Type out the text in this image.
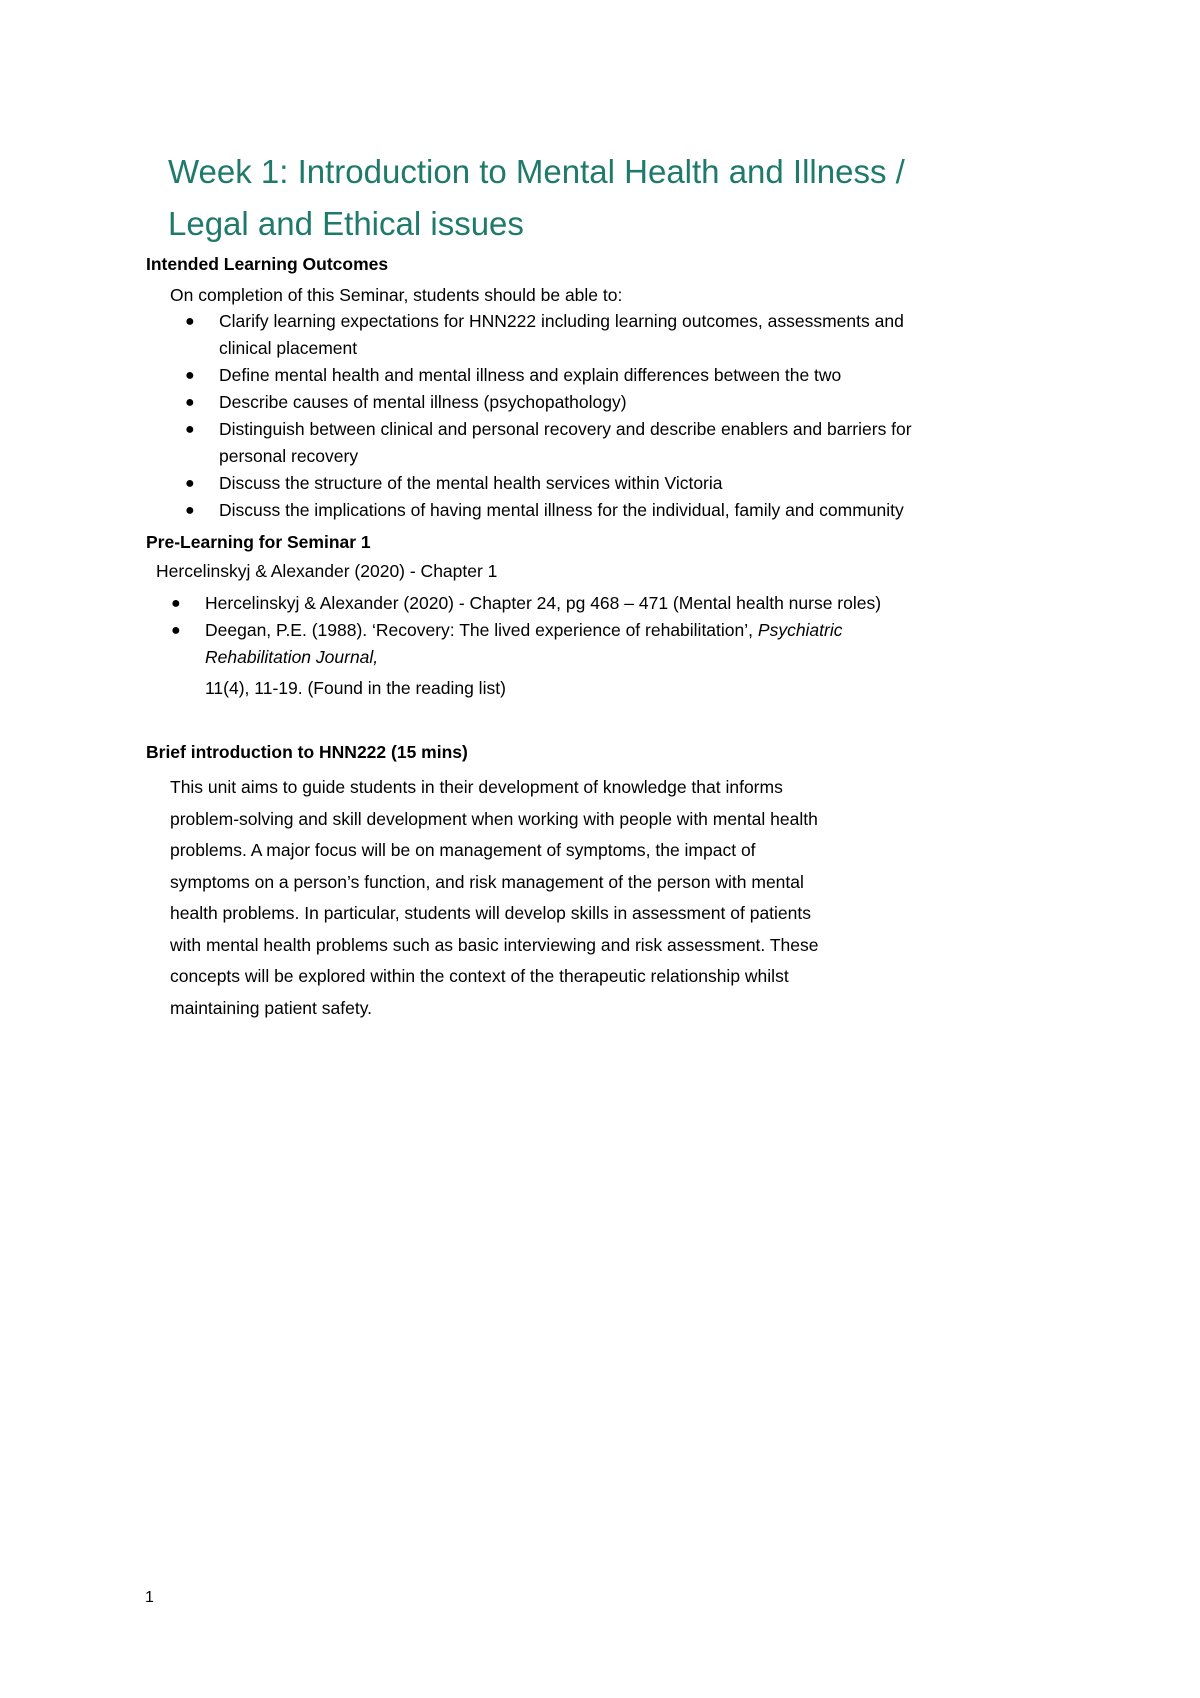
Week 1: Introduction to Mental Health and Illness /
Legal and Ethical issues
Intended Learning Outcomes
On completion of this Seminar, students should be able to:
● Clarify learning expectations for HNN222 including learning outcomes, assessments and
clinical placement
● Define mental health and mental illness and explain differences between the two
● Describe causes of mental illness (psychopathology)
● Distinguish between clinical and personal recovery and describe enablers and barriers for
personal recovery
● Discuss the structure of the mental health services within Victoria
● Discuss the implications of having mental illness for the individual, family and community
Pre-Learning for Seminar 1
Hercelinskyj & Alexander (2020) - Chapter 1
● Hercelinskyj & Alexander (2020) - Chapter 24, pg 468 – 471 (Mental health nurse roles)
● Deegan, P.E. (1988). ‘Recovery: The lived experience of rehabilitation’, Psychiatric
Rehabilitation Journal,
11(4), 11-19. (Found in the reading list)
Brief introduction to HNN222 (15 mins)
This unit aims to guide students in their development of knowledge that informs
problem-solving and skill development when working with people with mental health
problems. A major focus will be on management of symptoms, the impact of
symptoms on a person’s function, and risk management of the person with mental
health problems. In particular, students will develop skills in assessment of patients
with mental health problems such as basic interviewing and risk assessment. These
concepts will be explored within the context of the therapeutic relationship whilst
maintaining patient safety.
1
